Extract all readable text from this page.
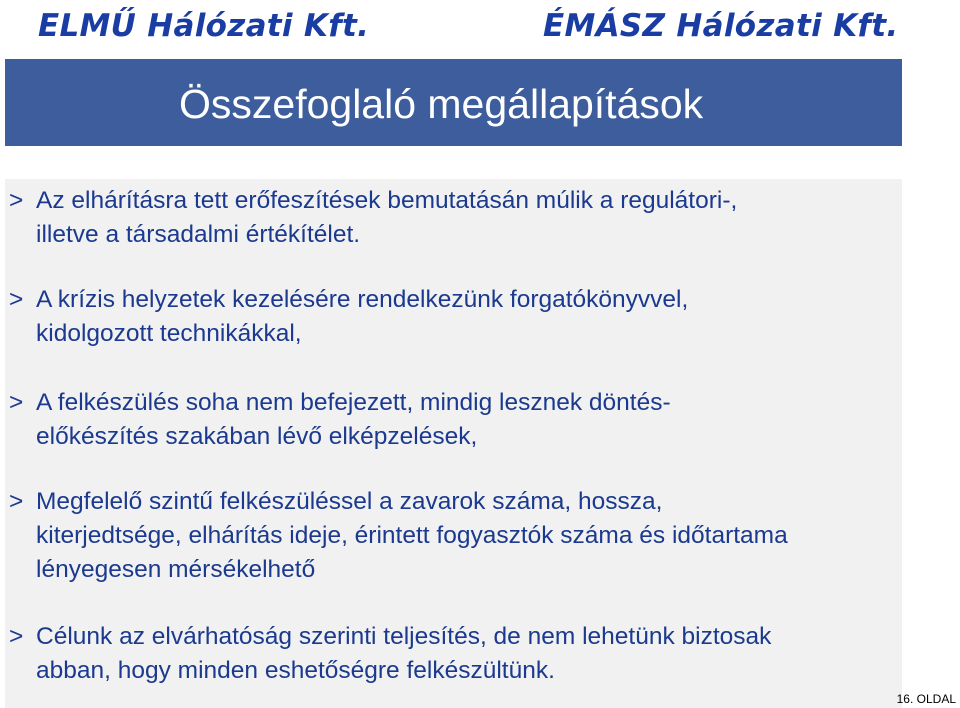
ELMŰ Hálózati Kft.	ÉMÁSZ Hálózati Kft.
Összefoglaló megállapítások
> Az elhárításra tett erőfeszítések bemutatásán múlik a regulátori-,
illetve a társadalmi értékítélet.
> A krízis helyzetek kezelésére rendelkezünk forgatókönyvvel,
kidolgozott technikákkal,
> A felkészülés soha nem befejezett, mindig lesznek döntés-
előkészítés szakában lévő elképzelések,
> Megfelelő szintű felkészüléssel a zavarok száma, hossza,
kiterjedtsége, elhárítás ideje, érintett fogyasztók száma és időtartama
lényegesen mérsékelhető
> Célunk az elvárhatóság szerinti teljesítés, de nem lehetünk biztosak
abban, hogy minden eshetőségre felkészültünk.
16. OLDAL
